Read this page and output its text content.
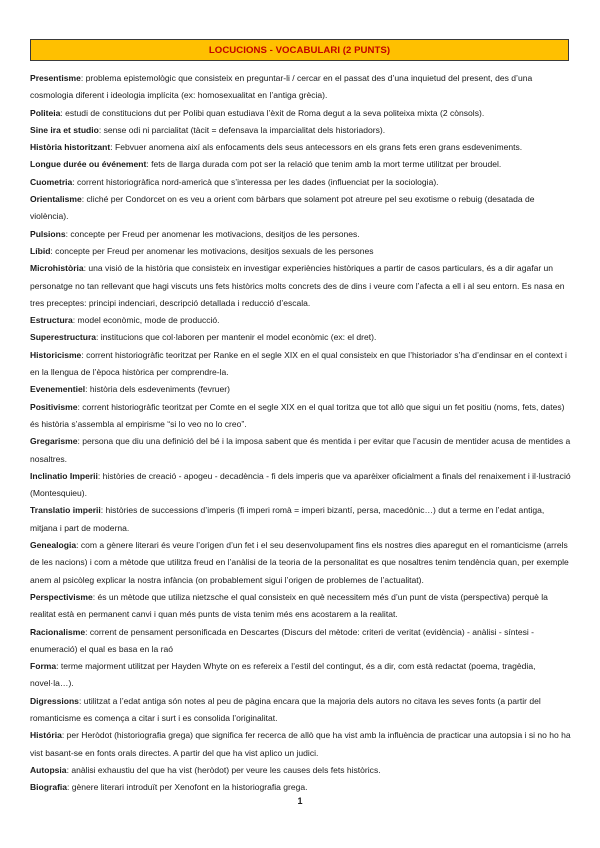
LOCUCIONS - VOCABULARI (2 PUNTS)

Presentisme: problema epistemològic que consisteix en preguntar-li / cercar en el passat des d’una inquietud del present, des d’una cosmologia diferent i ideologia implícita (ex: homosexualitat en l’antiga grècia).

Politeia: estudi de constitucions dut per Polibi quan estudiava l’èxit de Roma degut a la seva politeixa mixta (2 cònsols).

Sine ira et studio: sense odi ni parcialitat (tàcit = defensava la imparcialitat dels historiadors).

Història historitzant: Febvuer anomena així als enfocaments dels seus antecessors en els grans fets eren grans esdeveniments.

Longue durée ou événement: fets de llarga durada com pot ser la relació que tenim amb la mort terme utilitzat per broudel.

Cuometria: corrent historiogràfica nord-americà que s’interessa per les dades (influenciat per la sociologia).

Orientalisme: cliché per Condorcet on es veu a orient com bàrbars que solament pot atreure pel seu exotisme o rebuig (desatada de violència).

Pulsions: concepte per Freud per anomenar les motivacions, desitjos de les persones.

Líbid: concepte per Freud per anomenar les motivacions, desitjos sexuals de les persones

Microhistòria: una visió de la història que consisteix en investigar experiències històriques a partir de casos particulars, és a dir agafar un personatge no tan rellevant que hagi viscuts uns fets històrics molts concrets des de dins i veure com l’afecta a ell i al seu entorn. Es nasa en tres preceptes: principi indenciari, descripció detallada i reducció d’escala.

Estructura: model econòmic, mode de producció.

Superestructura: institucions que col·laboren per mantenir el model econòmic (ex: el dret).

Historicisme: corrent historiogràfic teoritzat per Ranke en el segle XIX en el qual consisteix en que l’historiador s’ha d’endinsar en el context i en la llengua de l’època històrica per comprendre-la.

Evenementiel: història dels esdeveniments (fevruer)

Positivisme: corrent historiogràfic teoritzat per Comte en el segle XIX en el qual toritza que tot allò que sigui un fet positiu (noms, fets, dates) és història s’assembla al empirisme “si lo veo no lo creo”.

Gregarisme: persona que diu una definició del bé i la imposa sabent que és mentida i per evitar que l’acusin de mentider acusa de mentides a nosaltres.

Inclinatio Imperii: històries de creació - apogeu - decadència - fi dels imperis que va aparèixer oficialment a finals del renaixement i il·lustració (Montesquieu).

Translatio imperii: històries de successions d’imperis (fi imperi romà = imperi bizantí, persa, macedònic…) dut a terme en l’edat antiga, mitjana i part de moderna.

Genealogia: com a gènere literari és veure l’origen d’un fet i el seu desenvolupament fins els nostres dies aparegut en el romanticisme (arrels de les nacions) i com a mètode que utilitza freud en l’anàlisi de la teoria de la personalitat es que nosaltres tenim tendència quan, per exemple anem al psicòleg explicar la nostra infància (on probablement sigui l’origen de problemes de l’actualitat).

Perspectivisme: és un mètode que utiliza nietzsche el qual consisteix en què necessitem més d’un punt de vista (perspectiva) perquè la realitat està en permanent canvi i quan més punts de vista tenim més ens acostarem a la realitat.

Racionalisme: corrent de pensament personificada en Descartes (Discurs del mètode: criteri de veritat (evidència) - anàlisi - síntesi - enumeració) el qual es basa en la raó

Forma: terme majorment utilitzat per Hayden Whyte on es refereix a l’estil del contingut, és a dir, com està redactat (poema, tragèdia, novel·la…).

Digressions: utilitzat a l’edat antiga són notes al peu de pàgina encara que la majoria dels autors no citava les seves fonts (a partir del romanticisme es comença a citar i surt i es consolida l’originalitat.

História: per Heròdot (historiografia grega) que significa fer recerca de allò que ha vist amb la influència de practicar una autopsia i si no ho ha vist basant-se en fonts orals directes. A partir del que ha vist aplico un judici.

Autopsia: anàlisi exhaustiu del que ha vist (heròdot) per veure les causes dels fets històrics.

Biografia: gènere literari introduït per Xenofont en la historiografia grega.

1
